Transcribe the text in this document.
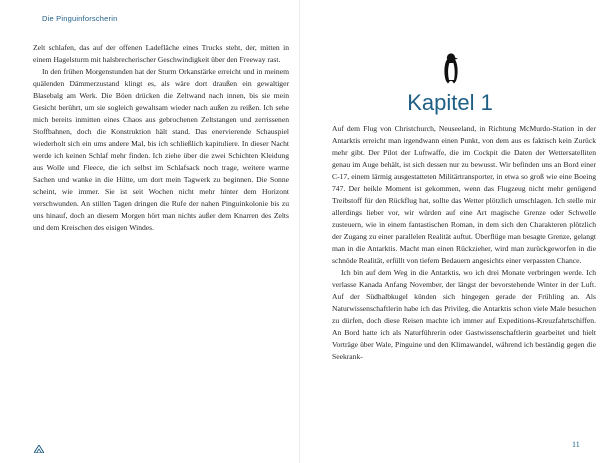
Die Pinguinforscherin

Zelt schlafen, das auf der offenen Ladefläche eines Trucks steht, der, mitten in einem Hagelsturm mit halsbrecherischer Geschwindigkeit über den Freeway rast.

In den frühen Morgenstunden hat der Sturm Orkanstärke erreicht und in meinem quälenden Dämmerzustand klingt es, als wäre dort draußen ein gewaltiger Blasebalg am Werk. Die Böen drücken die Zeltwand nach innen, bis sie mein Gesicht berührt, um sie sogleich gewaltsam wieder nach außen zu reißen. Ich sehe mich bereits inmitten eines Chaos aus gebrochenen Zeltstangen und zerrissenen Stoffbahnen, doch die Konstruktion hält stand. Das enervierende Schauspiel wiederholt sich ein ums andere Mal, bis ich schließlich kapituliere. In dieser Nacht werde ich keinen Schlaf mehr finden. Ich ziehe über die zwei Schichten Kleidung aus Wolle und Fleece, die ich selbst im Schlafsack noch trage, weitere warme Sachen und wanke in die Hütte, um dort mein Tagwerk zu beginnen. Die Sonne scheint, wie immer. Sie ist seit Wochen nicht mehr hinter dem Horizont verschwunden. An stillen Tagen dringen die Rufe der nahen Pinguinkolonie bis zu uns hinauf, doch an diesem Morgen hört man nichts außer dem Knarren des Zelts und dem Kreischen des eisigen Windes.

Kapitel 1

Auf dem Flug von Christchurch, Neuseeland, in Richtung McMurdo-Station in der Antarktis erreicht man irgendwann einen Punkt, von dem aus es faktisch kein Zurück mehr gibt. Der Pilot der Luftwaffe, die im Cockpit die Daten der Wettersatelliten genau im Auge behält, ist sich dessen nur zu bewusst. Wir befinden uns an Bord einer C-17, einem lärmig ausgestatteten Militärtransporter, in etwa so groß wie eine Boeing 747. Der heikle Moment ist gekommen, wenn das Flugzeug nicht mehr genügend Treibstoff für den Rückflug hat, sollte das Wetter plötzlich umschlagen. Ich stelle mir allerdings lieber vor, wir würden auf eine Art magische Grenze oder Schwelle zusteuern, wie in einem fantastischen Roman, in dem sich den Charakteren plötzlich der Zugang zu einer parallelen Realität auftut. Überflüge man besagte Grenze, gelangt man in die Antarktis. Macht man einen Rückzieher, wird man zurückgeworfen in die schnöde Realität, erfüllt von tiefem Bedauern angesichts einer verpassten Chance.

Ich bin auf dem Weg in die Antarktis, wo ich drei Monate verbringen werde. Ich verlasse Kanada Anfang November, der längst der bevorstehende Winter in der Luft. Auf der Südhalbkugel künden sich hingegen gerade der Frühling an. Als Naturwissenschaftlerin habe ich das Privileg, die Antarktis schon viele Male besuchen zu dürfen, doch diese Reisen machte ich immer auf Expeditions-Kreuzfahrtschiffen. An Bord hatte ich als Naturführerin oder Gastwissenschaftlerin gearbeitet und hielt Vorträge über Wale, Pinguine und den Klimawandel, während ich beständig gegen die Seekrank-

11
